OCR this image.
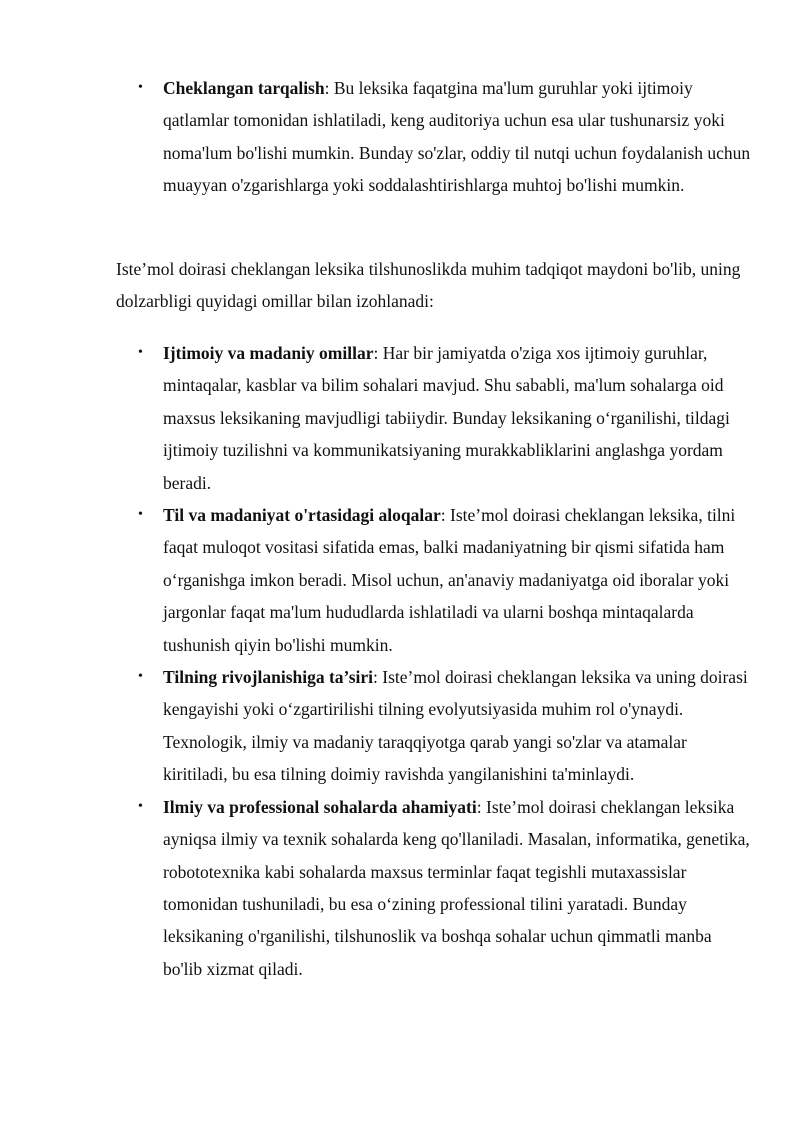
• Cheklangan tarqalish: Bu leksika faqatgina ma'lum guruhlar yoki ijtimoiy qatlamlar tomonidan ishlatiladi, keng auditoriya uchun esa ular tushunarsiz yoki noma'lum bo'lishi mumkin. Bunday so'zlar, oddiy til nutqi uchun foydalanish uchun muayyan o'zgarishlarga yoki soddalashtirishlarga muhtoj bo'lishi mumkin.

Iste’mol doirasi cheklangan leksika tilshunoslikda muhim tadqiqot maydoni bo'lib, uning dolzarbligi quyidagi omillar bilan izohlanadi:

• Ijtimoiy va madaniy omillar: Har bir jamiyatda o'ziga xos ijtimoiy guruhlar, mintaqalar, kasblar va bilim sohalari mavjud. Shu sababli, ma'lum sohalarga oid maxsus leksikaning mavjudligi tabiiydir. Bunday leksikaning o‘rganilishi, tildagi ijtimoiy tuzilishni va kommunikatsiyaning murakkabliklarini anglashga yordam beradi.
• Til va madaniyat o'rtasidagi aloqalar: Iste’mol doirasi cheklangan leksika, tilni faqat muloqot vositasi sifatida emas, balki madaniyatning bir qismi sifatida ham o‘rganishga imkon beradi. Misol uchun, an'anaviy madaniyatga oid iboralar yoki jargonlar faqat ma'lum hududlarda ishlatiladi va ularni boshqa mintaqalarda tushunish qiyin bo'lishi mumkin.
• Tilning rivojlanishiga ta’siri: Iste’mol doirasi cheklangan leksika va uning doirasi kengayishi yoki o‘zgartirilishi tilning evolyutsiyasida muhim rol o'ynaydi. Texnologik, ilmiy va madaniy taraqqiyotga qarab yangi so'zlar va atamalar kiritiladi, bu esa tilning doimiy ravishda yangilanishini ta'minlaydi.
• Ilmiy va professional sohalarda ahamiyati: Iste’mol doirasi cheklangan leksika ayniqsa ilmiy va texnik sohalarda keng qo'llaniladi. Masalan, informatika, genetika, robototexnika kabi sohalarda maxsus terminlar faqat tegishli mutaxassislar tomonidan tushuniladi, bu esa o‘zining professional tilini yaratadi. Bunday leksikaning o'rganilishi, tilshunoslik va boshqa sohalar uchun qimmatli manba bo'lib xizmat qiladi.
